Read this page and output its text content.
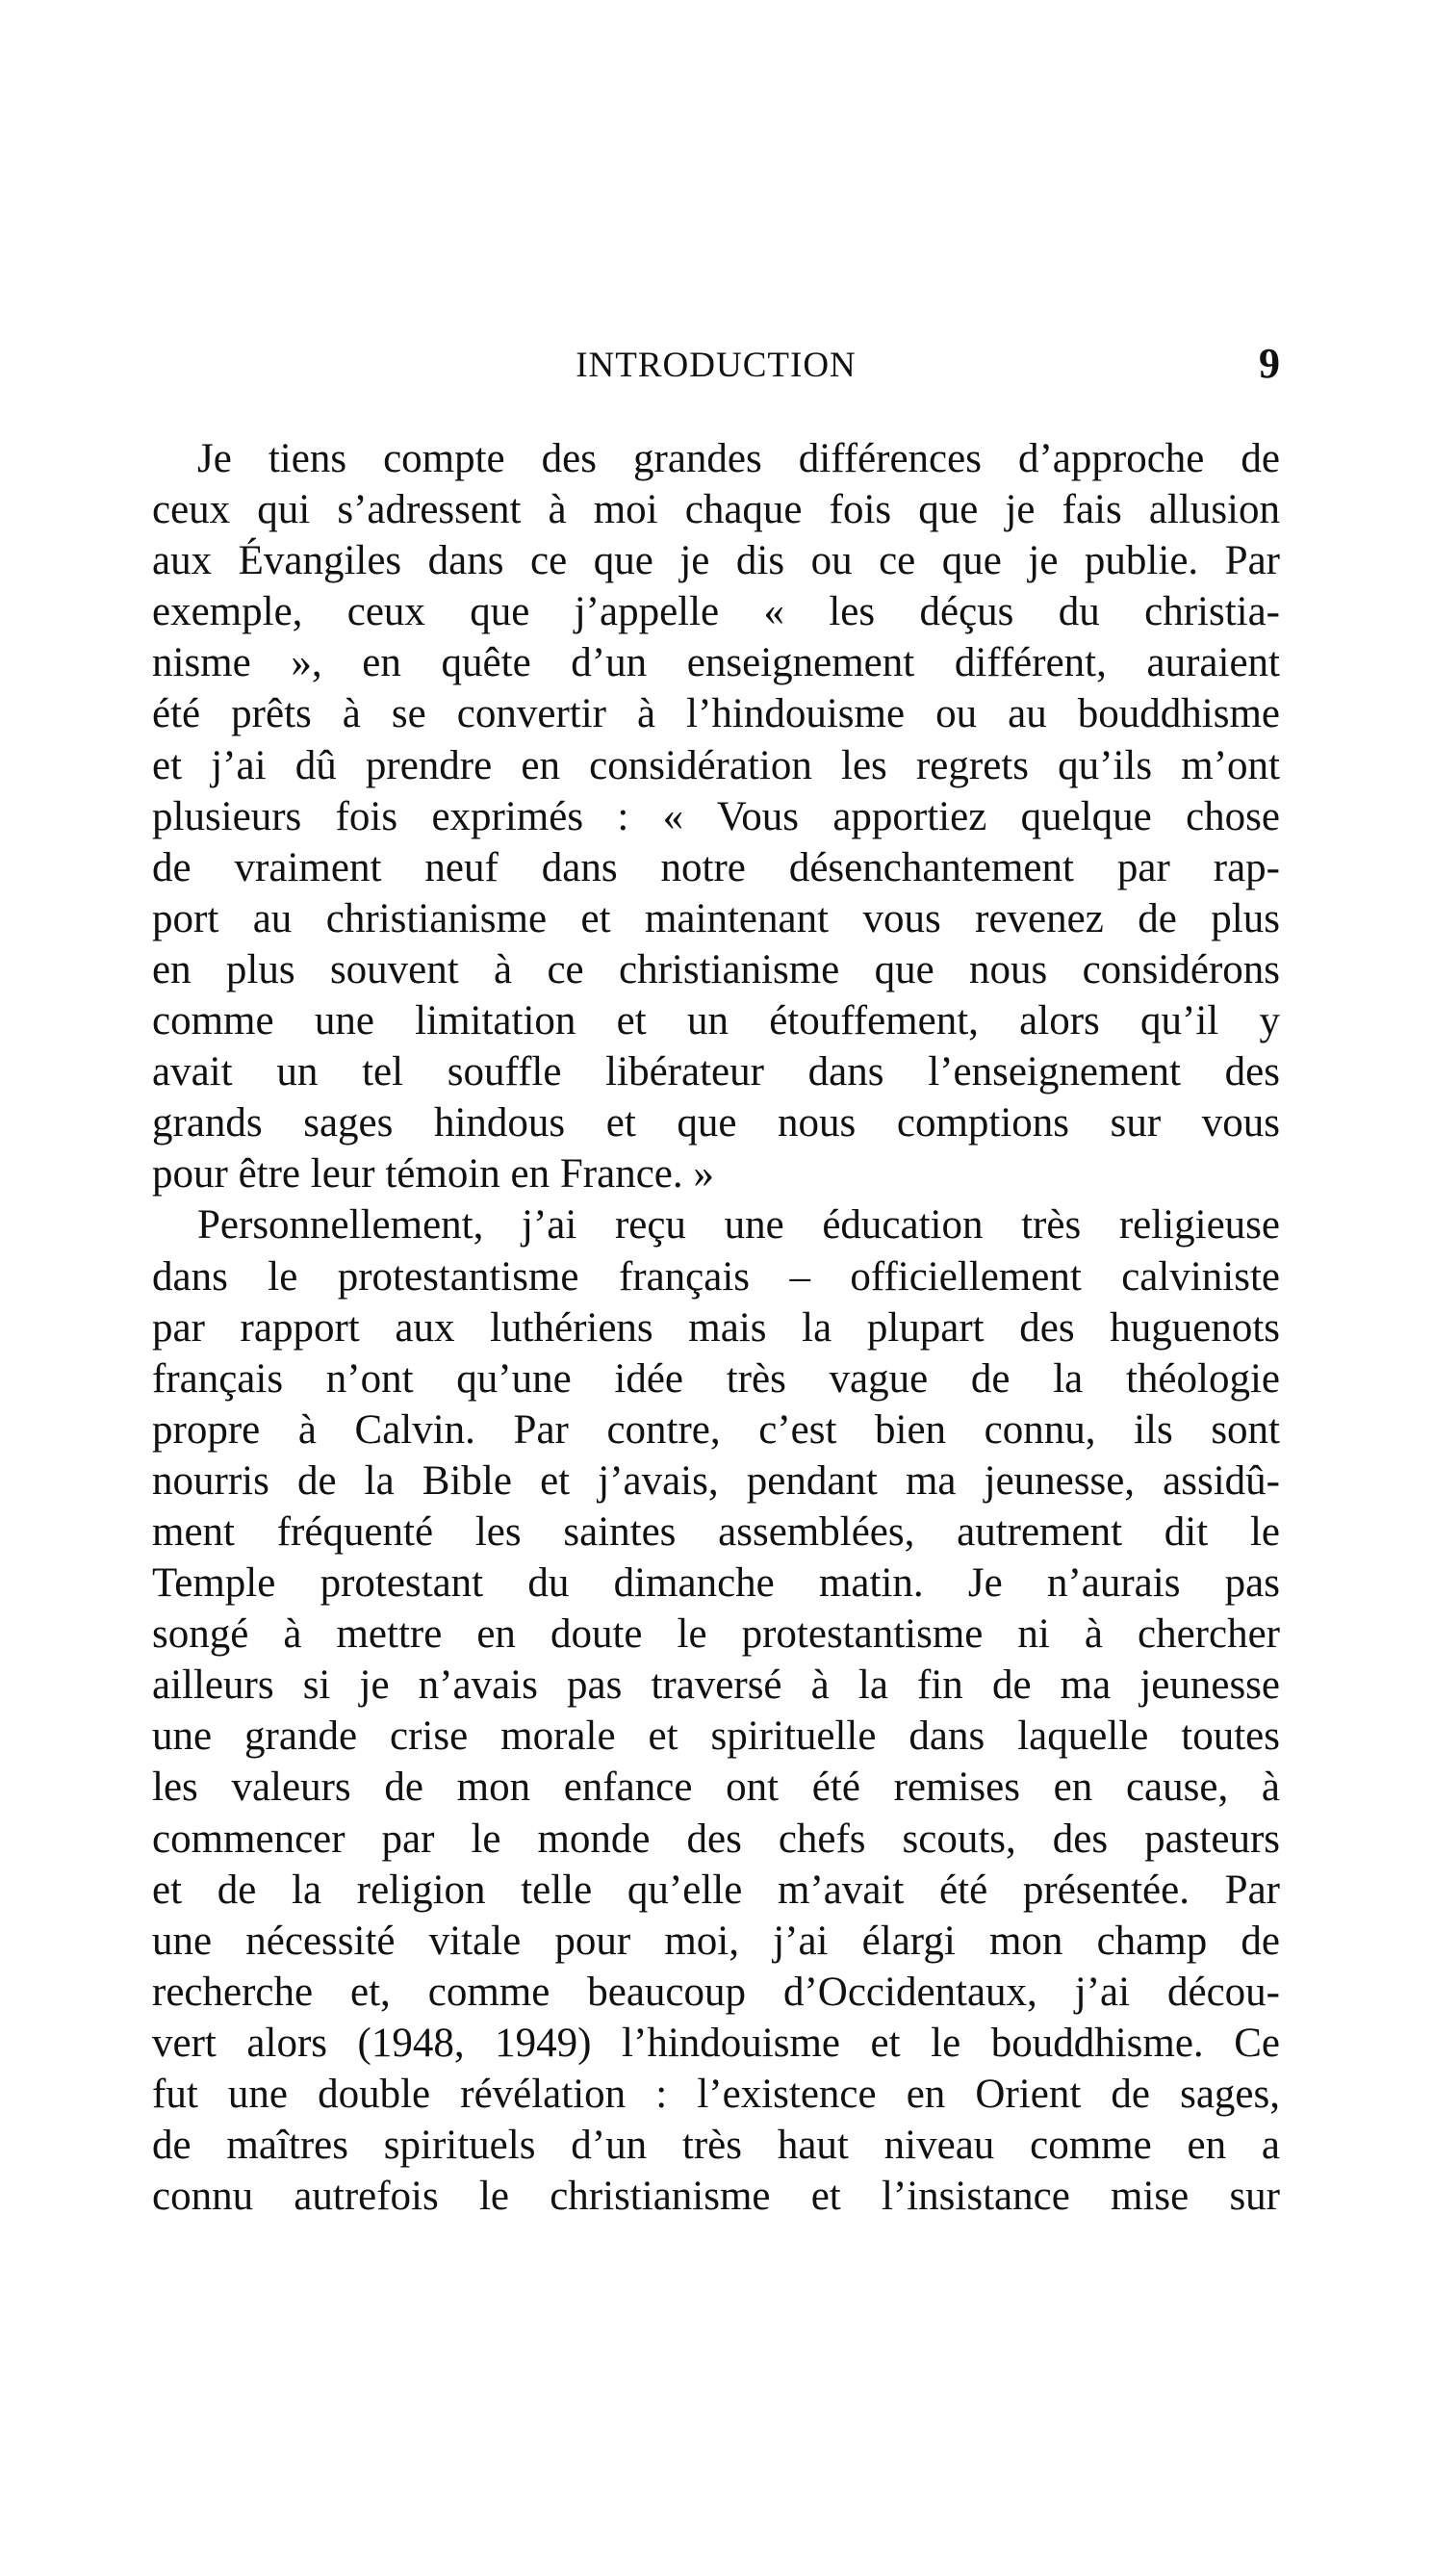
INTRODUCTION	9
Je tiens compte des grandes différences d’approche de
ceux qui s’adressent à moi chaque fois que je fais allusion
aux Évangiles dans ce que je dis ou ce que je publie. Par
exemple, ceux que j’appelle « les déçus du christia-
nisme », en quête d’un enseignement différent, auraient
été prêts à se convertir à l’hindouisme ou au bouddhisme
et j’ai dû prendre en considération les regrets qu’ils m’ont
plusieurs fois exprimés : « Vous apportiez quelque chose
de vraiment neuf dans notre désenchantement par rap-
port au christianisme et maintenant vous revenez de plus
en plus souvent à ce christianisme que nous considérons
comme une limitation et un étouffement, alors qu’il y
avait un tel souffle libérateur dans l’enseignement des
grands sages hindous et que nous comptions sur vous
pour être leur témoin en France. »
Personnellement, j’ai reçu une éducation très religieuse
dans le protestantisme français – officiellement calviniste
par rapport aux luthériens mais la plupart des huguenots
français n’ont qu’une idée très vague de la théologie
propre à Calvin. Par contre, c’est bien connu, ils sont
nourris de la Bible et j’avais, pendant ma jeunesse, assidû-
ment fréquenté les saintes assemblées, autrement dit le
Temple protestant du dimanche matin. Je n’aurais pas
songé à mettre en doute le protestantisme ni à chercher
ailleurs si je n’avais pas traversé à la fin de ma jeunesse
une grande crise morale et spirituelle dans laquelle toutes
les valeurs de mon enfance ont été remises en cause, à
commencer par le monde des chefs scouts, des pasteurs
et de la religion telle qu’elle m’avait été présentée. Par
une nécessité vitale pour moi, j’ai élargi mon champ de
recherche et, comme beaucoup d’Occidentaux, j’ai décou-
vert alors (1948, 1949) l’hindouisme et le bouddhisme. Ce
fut une double révélation : l’existence en Orient de sages,
de maîtres spirituels d’un très haut niveau comme en a
connu autrefois le christianisme et l’insistance mise sur
